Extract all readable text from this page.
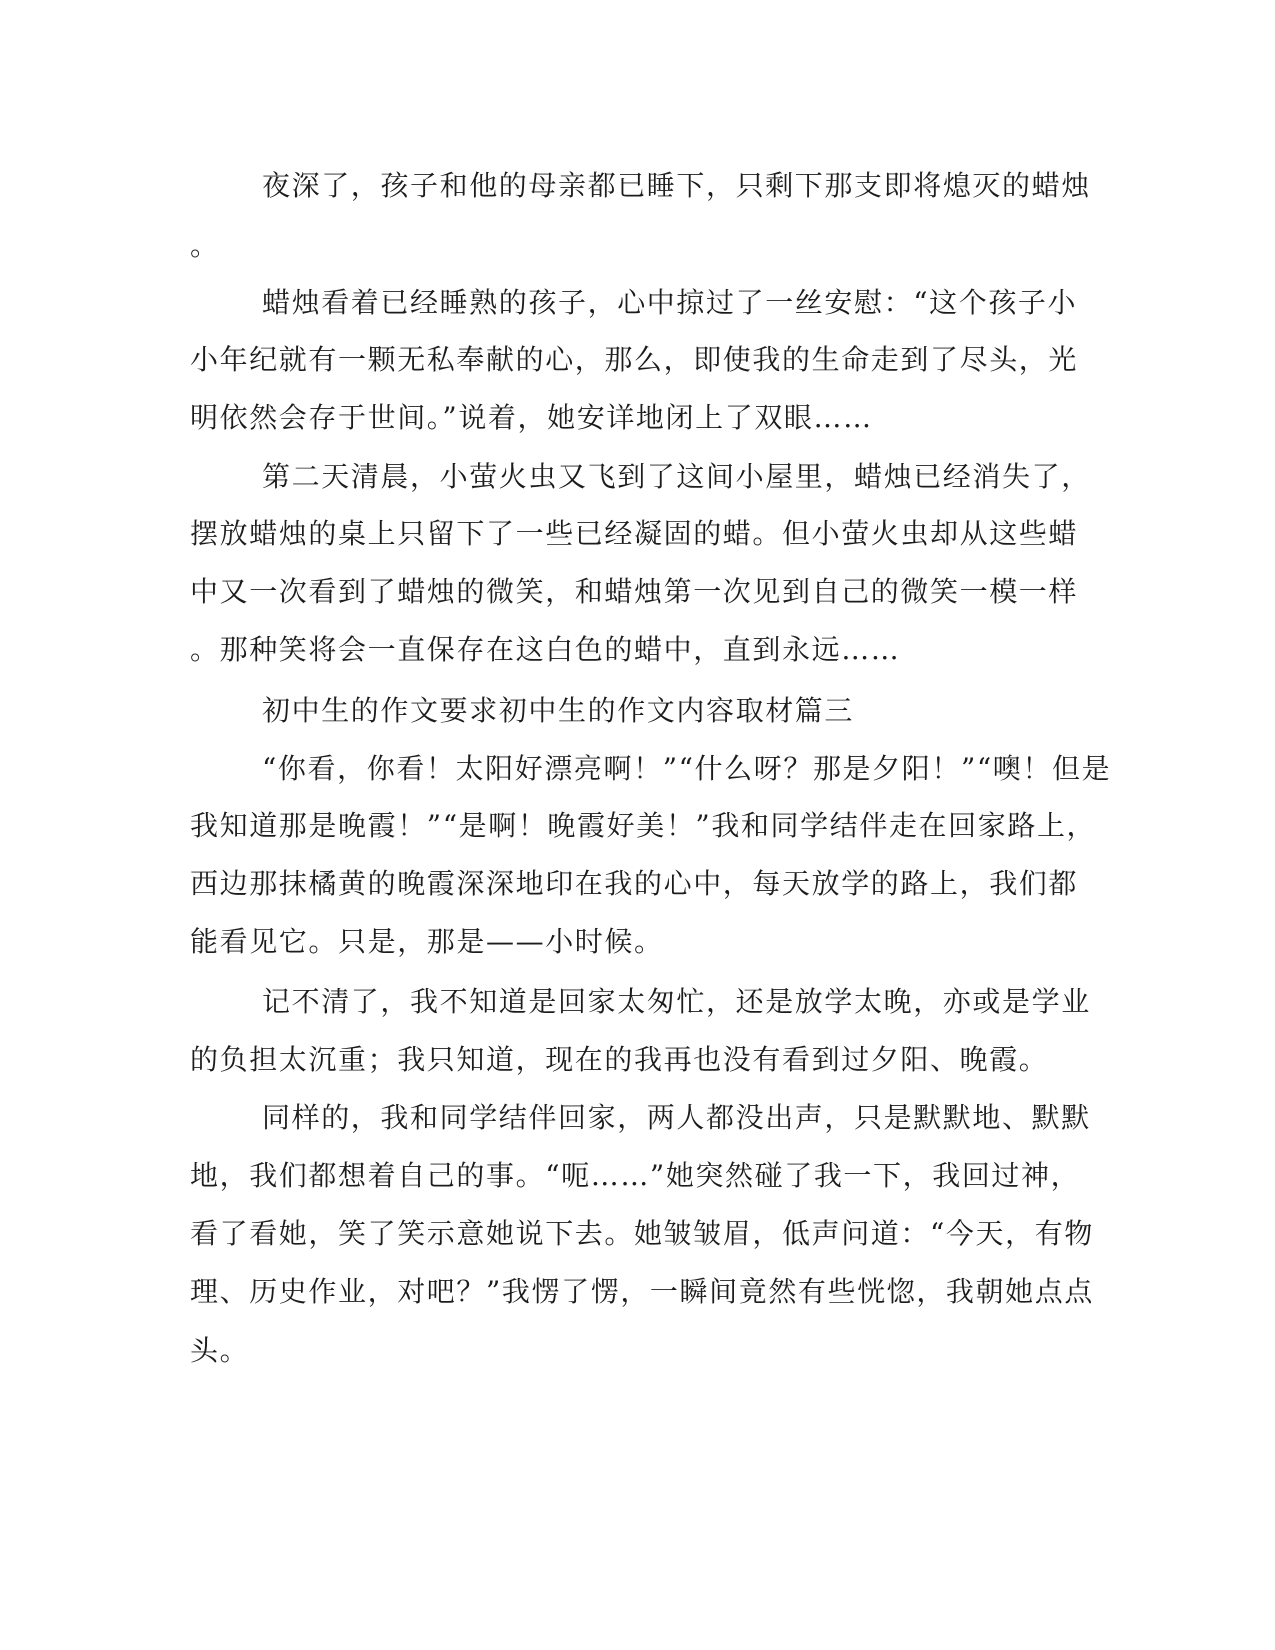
夜深了，孩子和他的母亲都已睡下，只剩下那支即将熄灭的蜡烛
。
蜡烛看着已经睡熟的孩子，心中掠过了一丝安慰：“这个孩子小
小年纪就有一颗无私奉献的心，那么，即使我的生命走到了尽头，光
明依然会存于世间。”说着，她安详地闭上了双眼……
第二天清晨，小萤火虫又飞到了这间小屋里，蜡烛已经消失了，
摆放蜡烛的桌上只留下了一些已经凝固的蜡。但小萤火虫却从这些蜡
中又一次看到了蜡烛的微笑，和蜡烛第一次见到自己的微笑一模一样
。那种笑将会一直保存在这白色的蜡中，直到永远……
初中生的作文要求初中生的作文内容取材篇三
“你看，你看！太阳好漂亮啊！”“什么呀？那是夕阳！”“噢！但是
我知道那是晚霞！”“是啊！晚霞好美！”我和同学结伴走在回家路上，
西边那抹橘黄的晚霞深深地印在我的心中，每天放学的路上，我们都
能看见它。只是，那是——小时候。
记不清了，我不知道是回家太匆忙，还是放学太晚，亦或是学业
的负担太沉重；我只知道，现在的我再也没有看到过夕阳、晚霞。
同样的，我和同学结伴回家，两人都没出声，只是默默地、默默
地，我们都想着自己的事。“呃……”她突然碰了我一下，我回过神，
看了看她，笑了笑示意她说下去。她皱皱眉，低声问道：“今天，有物
理、历史作业，对吧？”我愣了愣，一瞬间竟然有些恍惚，我朝她点点
头。
